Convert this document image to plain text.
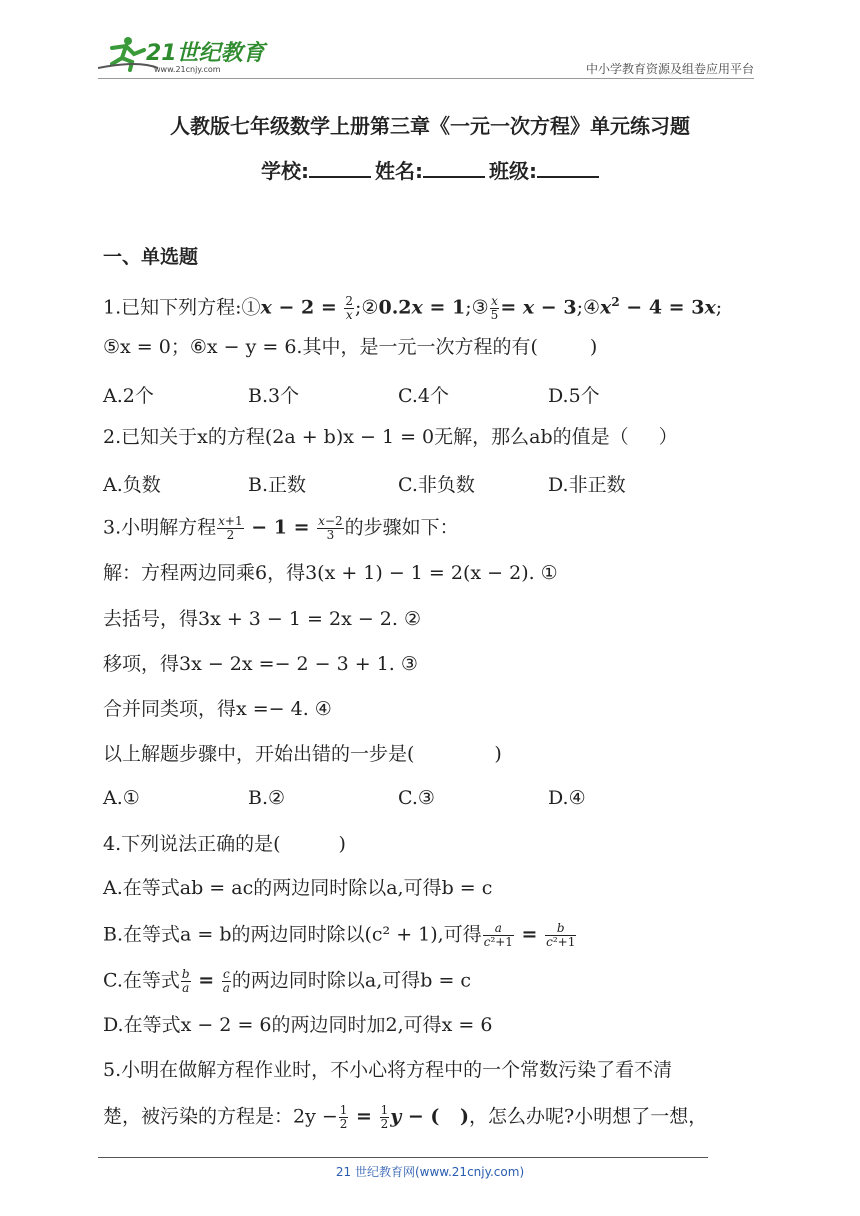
21世纪教育
www.21cnjy.com	中小学教育资源及组卷应用平台
人教版七年级数学上册第三章《一元一次方程》单元练习题
学校:	姓名:	班级:
一、单选题
1.已知下列方程:①x − $2 = \frac{2}{x}$ ;②0.2x = 1;③ $\frac{x}{5} = x$ − $3;④x^2 - 4 = 3x$;
⑤x = 0；⑥x − y = 6.其中，是一元一次方程的有(	)
A.2个	B.3个	C.4个	D.5个
2.已知关于x的方程(2a + b)x − 1 = 0无解，那么ab的值是（ ）
A.负数	B.正数	C.非负数	D.非正数
3.小明解方程 $\frac{x+1}{2} - 1 = \frac{x-2}{3}$ 的步骤如下：
解：方程两边同乘6，得3(x + 1) − 1 = 2(x − 2). ①
去括号，得3x + 3 − 1 = 2x − 2. ②
移项，得3x − 2x =− 2 − 3 + 1. ③
合并同类项，得x =− 4. ④
以上解题步骤中，开始出错的一步是(	)
A.①	B.②	C.③	D.④
4.下列说法正确的是(	)
A.在等式ab = ac的两边同时除以a,可得b = c
B.在等式a = b的两边同时除以(c² + 1),可得 $\frac{a}{\text{c²+1}} = \frac{b}{\text{c²+1}}$
C.在等式 $\frac{b}{a} = \frac{c}{a}$ 的两边同时除以a,可得b = c
D.在等式x − 2 = 6的两边同时加2,可得x = 6
5.小明在做解方程作业时，不小心将方程中的一个常数污染了看不清
楚，被污染的方程是：$2y - \frac{1}{2} = \frac{1}{2}$ y − ( )，怎么办呢?小明想了一想，
21 世纪教育网(www.21cnjy.com)
